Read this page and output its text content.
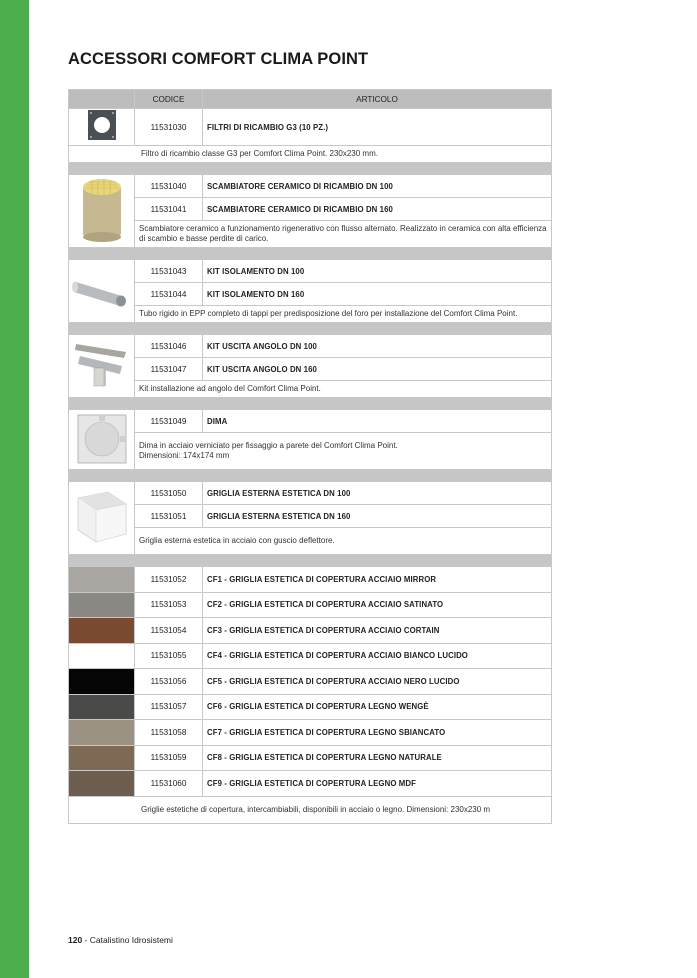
ACCESSORI COMFORT CLIMA POINT
	CODICE	ARTICOLO
	11531030	FILTRI DI RICAMBIO G3 (10 PZ.)
Filtro di ricambio classe G3 per Comfort Clima Point. 230x230 mm.		

	11531040	SCAMBIATORE CERAMICO DI RICAMBIO DN 100
	11531041	SCAMBIATORE CERAMICO DI RICAMBIO DN 160
	Scambiatore ceramico a funzionamento rigenerativo con flusso alternato. Realizzato in ceramica con alta efficienza di scambio e basse perdite di carico.	

	11531043	KIT ISOLAMENTO DN 100
	11531044	KIT ISOLAMENTO DN 160
	Tubo rigido in EPP completo di tappi per predisposizione del foro per installazione del Comfort Clima Point.	

	11531046	KIT USCITA ANGOLO DN 100
	11531047	KIT USCITA ANGOLO DN 160
	Kit installazione ad angolo del Comfort Clima Point.	

	11531049	DIMA
	Dima in acciaio verniciato per fissaggio a parete del Comfort Clima Point.
Dimensioni: 174x174 mm	

	11531050	GRIGLIA ESTERNA ESTETICA DN 100
	11531051	GRIGLIA ESTERNA ESTETICA DN 160
	Griglia esterna estetica in acciaio con guscio deflettore.	

	11531052	CF1 - GRIGLIA ESTETICA DI COPERTURA ACCIAIO MIRROR

	11531053	CF2 - GRIGLIA ESTETICA DI COPERTURA ACCIAIO SATINATO

	11531054	CF3 - GRIGLIA ESTETICA DI COPERTURA ACCIAIO CORTAIN

	11531055	CF4 - GRIGLIA ESTETICA DI COPERTURA ACCIAIO BIANCO LUCIDO

	11531056	CF5 - GRIGLIA ESTETICA DI COPERTURA ACCIAIO NERO LUCIDO

	11531057	CF6 - GRIGLIA ESTETICA DI COPERTURA LEGNO WENGÈ

	11531058	CF7 - GRIGLIA ESTETICA DI COPERTURA LEGNO SBIANCATO

	11531059	CF8 - GRIGLIA ESTETICA DI COPERTURA LEGNO NATURALE

	11531060	CF9 - GRIGLIA ESTETICA DI COPERTURA LEGNO MDF
Griglie estetiche di copertura, intercambiabili, disponibili in acciaio o legno. Dimensioni: 230x230 m		
120 - Catalistino Idrosistemi
